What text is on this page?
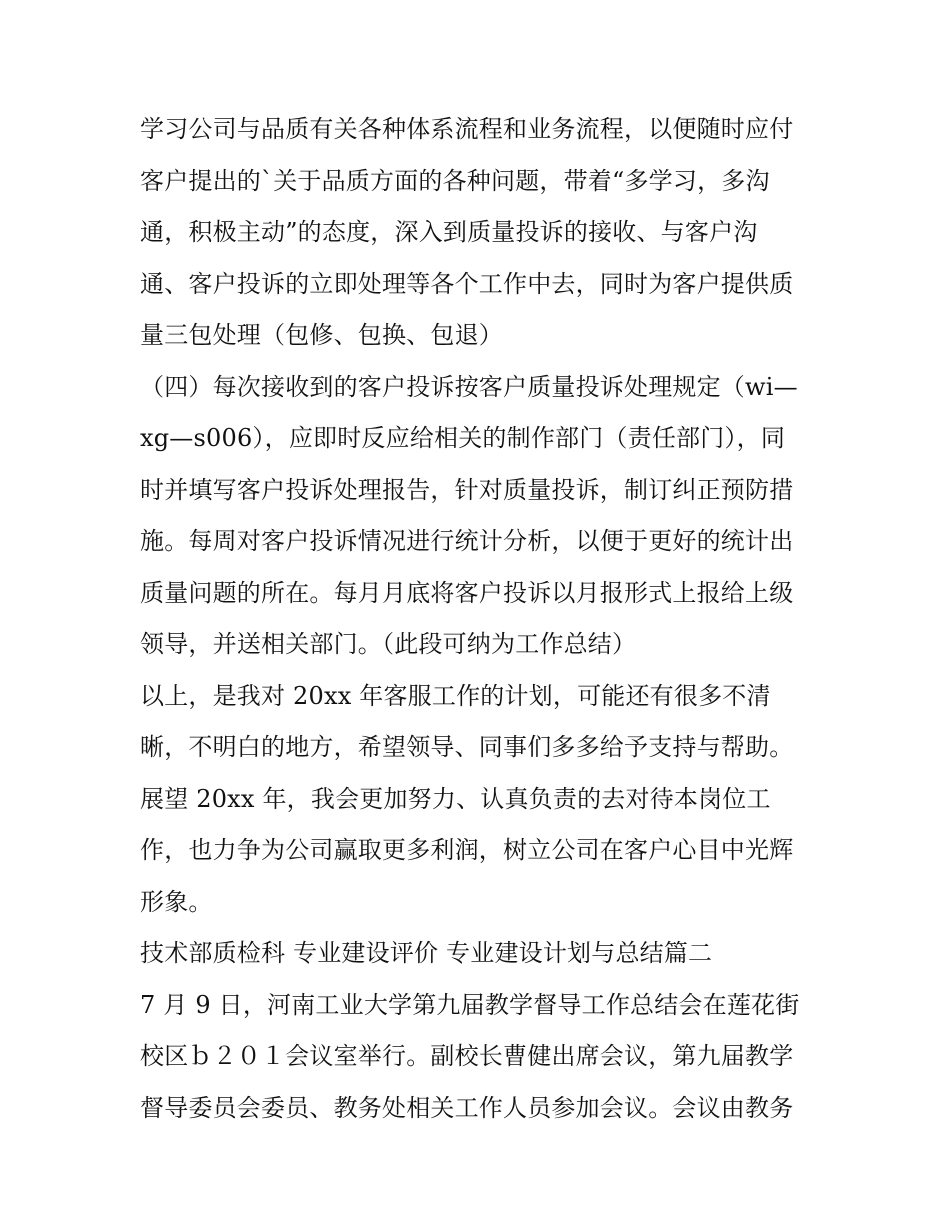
学习公司与品质有关各种体系流程和业务流程，以便随时应付
客户提出的`关于品质方面的各种问题，带着“多学习，多沟
通，积极主动”的态度，深入到质量投诉的接收、与客户沟
通、客户投诉的立即处理等各个工作中去，同时为客户提供质
量三包处理（包修、包换、包退）
（四）每次接收到的客户投诉按客户质量投诉处理规定（wi—
xg—s006），应即时反应给相关的制作部门（责任部门），同
时并填写客户投诉处理报告，针对质量投诉，制订纠正预防措
施。每周对客户投诉情况进行统计分析，以便于更好的统计出
质量问题的所在。每月月底将客户投诉以月报形式上报给上级
领导，并送相关部门。（此段可纳为工作总结）
以上，是我对 20xx 年客服工作的计划，可能还有很多不清
晰，不明白的地方，希望领导、同事们多多给予支持与帮助。
展望 20xx 年，我会更加努力、认真负责的去对待本岗位工
作，也力争为公司赢取更多利润，树立公司在客户心目中光辉
形象。
技术部质检科 专业建设评价 专业建设计划与总结篇二
7 月 9 日，河南工业大学第九届教学督导工作总结会在莲花街
校区ｂ２０１会议室举行。副校长曹健出席会议，第九届教学
督导委员会委员、教务处相关工作人员参加会议。会议由教务
